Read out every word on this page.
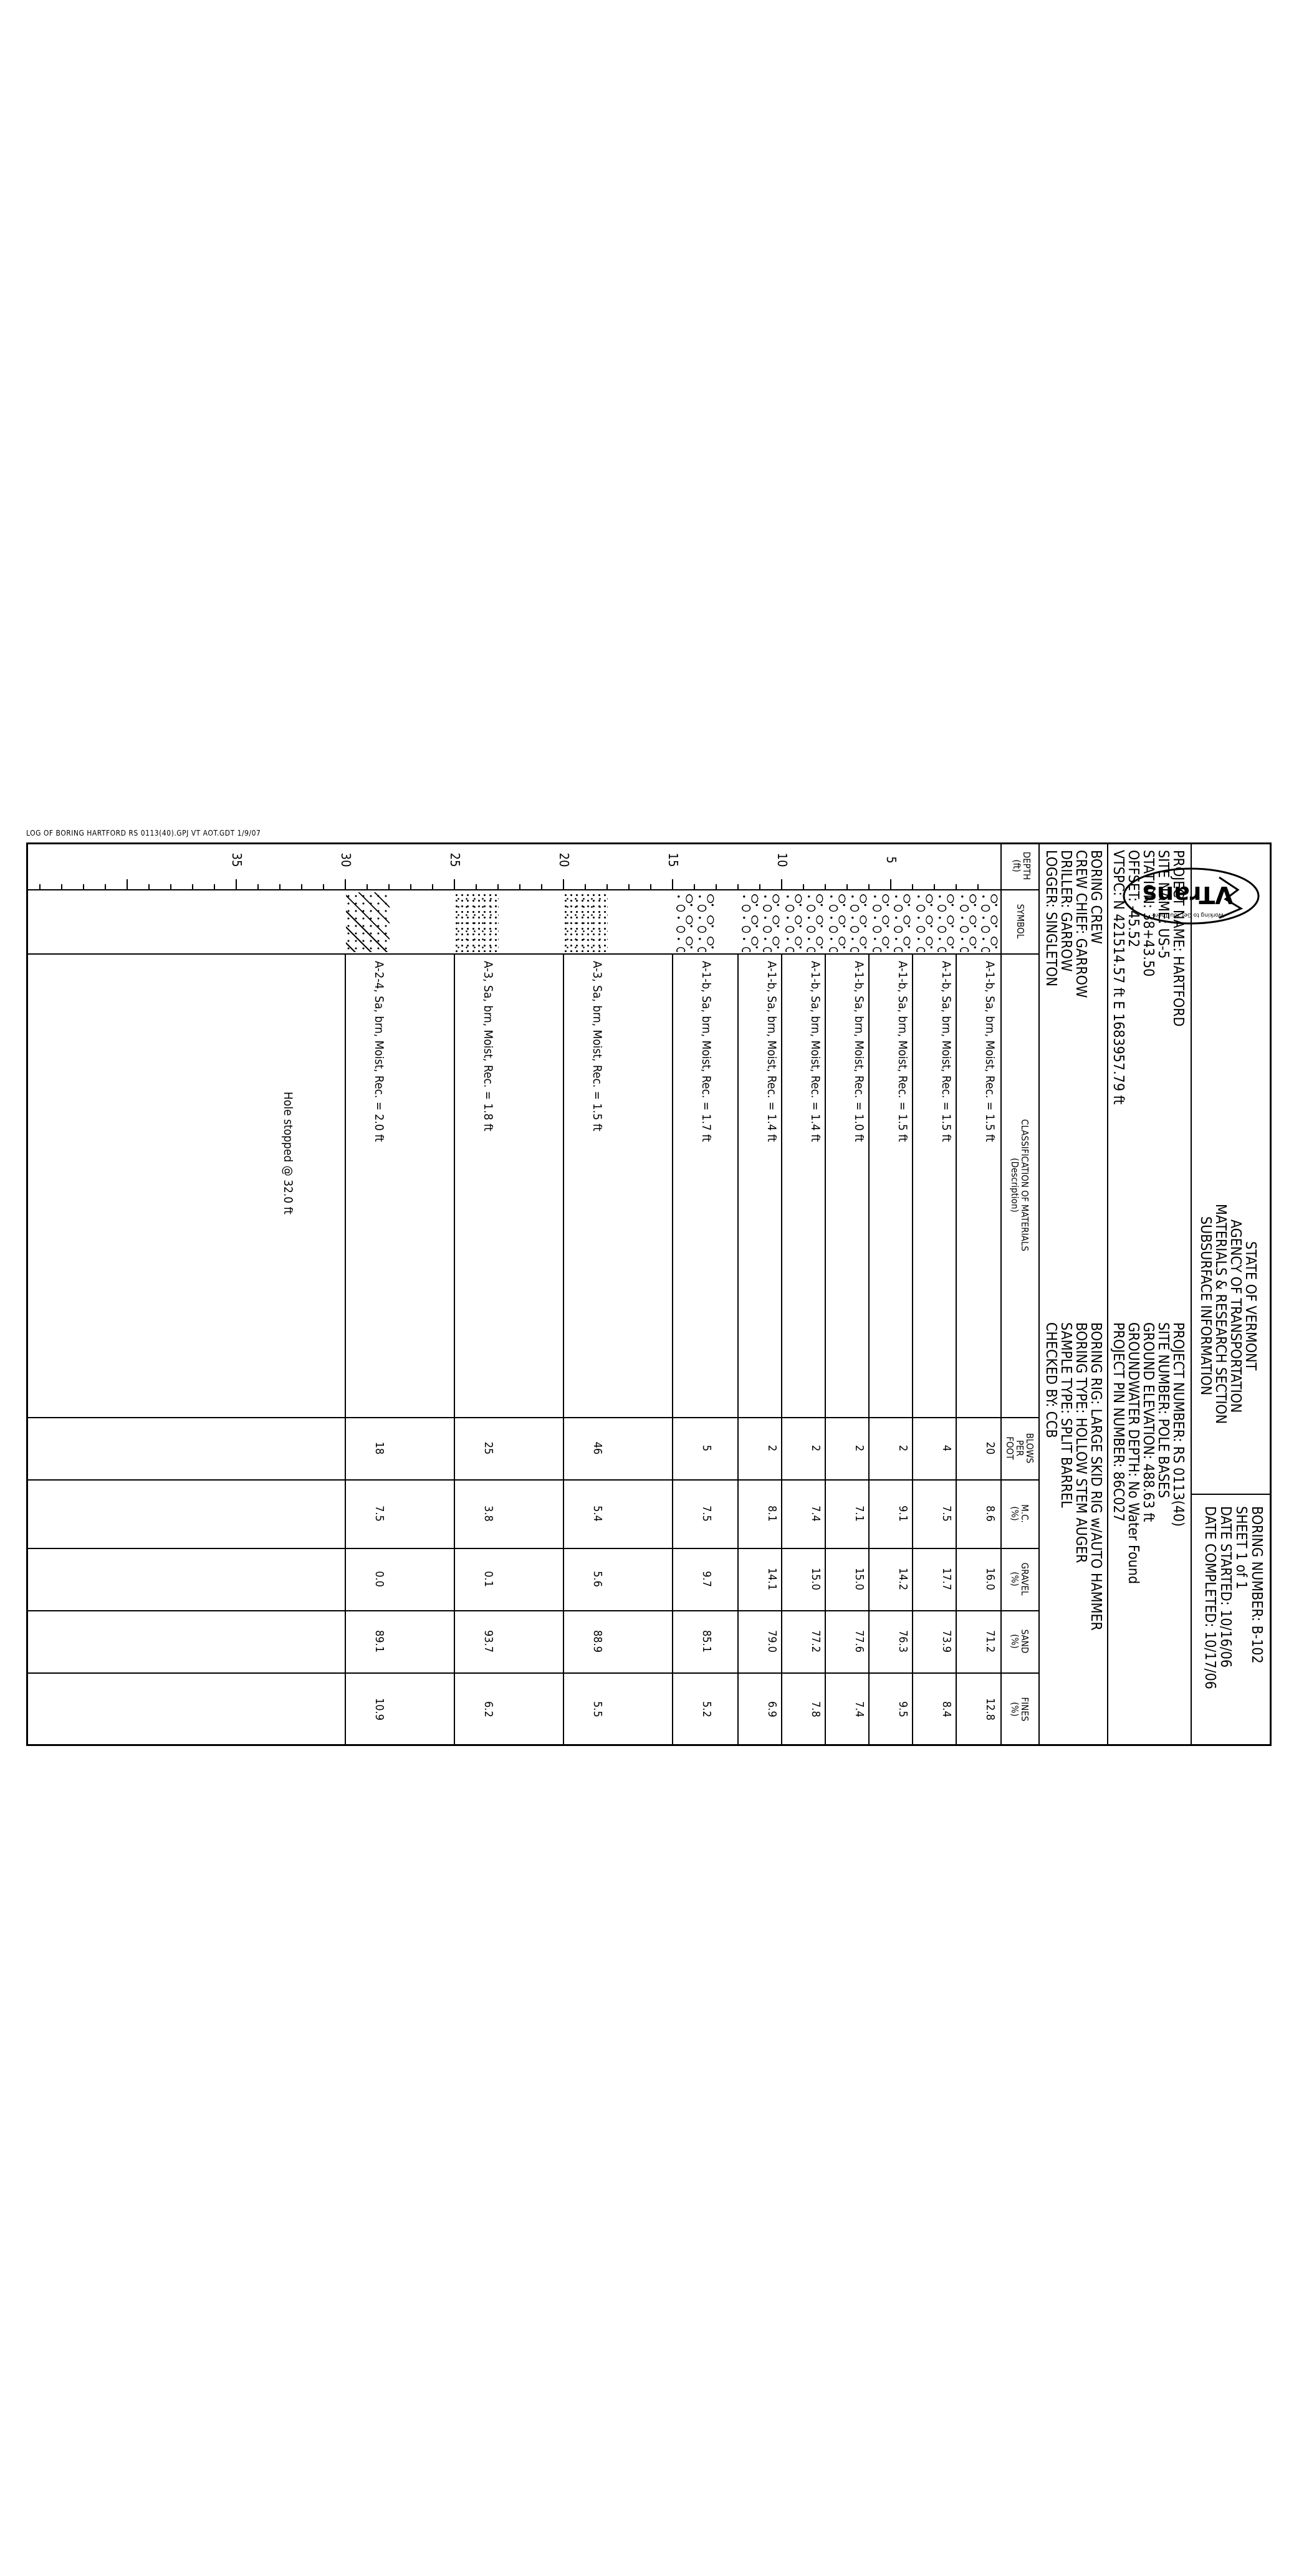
LOG OF BORING HARTFORD RS 0113(40).GPJ VT AOT.GDT 1/9/07
VTrans
Working to Get You There
STATE OF VERMONT
AGENCY OF TRANSPORTATION
MATERIALS & RESEARCH SECTION
SUBSURFACE INFORMATION
BORING NUMBER: B-102
SHEET 1 of 1
DATE STARTED: 10/16/06
DATE COMPLETED: 10/17/06
PROJECT NAME: HARTFORD
SITE NAME: US-5
STATION: 38+43.50
OFFSET: -45.52
VTSPC: N 421514.57 ft E 1683957.79 ft
PROJECT NUMBER: RS 0113(40)
SITE NUMBER: POLE BASES
GROUND ELEVATION: 488.63 ft
GROUNDWATER DEPTH: No Water Found
PROJECT PIN NUMBER: 86C027
BORING CREW
CREW CHIEF: GARROW
DRILLER: GARROW
LOGGER: SINGLETON
BORING RIG: LARGE SKID RIG w/AUTO HAMMER
BORING TYPE: HOLLOW STEM AUGER
SAMPLE TYPE: SPLIT BARREL
CHECKED BY: CCB
DEPTH
(ft)
SYMBOL
CLASSIFICATION OF MATERIALS
(Description)
BLOWS
PER
FOOT
M.C.
(%)
GRAVEL
(%)
SAND
(%)
FINES
(%)
5
10
15
20
25
30
35
A-1-b, Sa, brn, Moist, Rec. = 1.5 ft
20
8.6
16.0
71.2
12.8
A-1-b, Sa, brn, Moist, Rec. = 1.5 ft
4
7.5
17.7
73.9
8.4
A-1-b, Sa, brn, Moist, Rec. = 1.5 ft
2
9.1
14.2
76.3
9.5
A-1-b, Sa, brn, Moist, Rec. = 1.0 ft
2
7.1
15.0
77.6
7.4
A-1-b, Sa, brn, Moist, Rec. = 1.4 ft
2
7.4
15.0
77.2
7.8
A-1-b, Sa, brn, Moist, Rec. = 1.4 ft
2
8.1
14.1
79.0
6.9
A-1-b, Sa, brn, Moist, Rec. = 1.7 ft
5
7.5
9.7
85.1
5.2
A-3, Sa, brn, Moist, Rec. = 1.5 ft
46
5.4
5.6
88.9
5.5
A-3, Sa, brn, Moist, Rec. = 1.8 ft
25
3.8
0.1
93.7
6.2
A-2-4, Sa, brn, Moist, Rec. = 2.0 ft
18
7.5
0.0
89.1
10.9
Hole stopped @ 32.0 ft
